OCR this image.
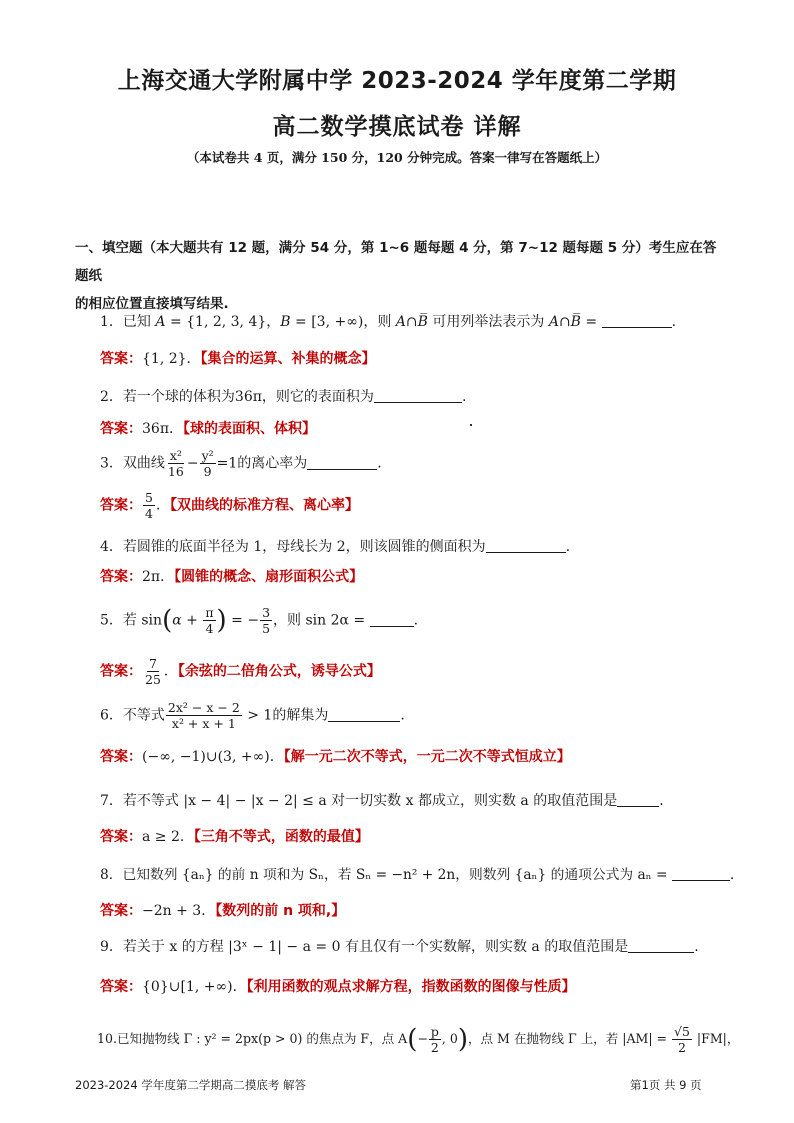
上海交通大学附属中学 2023-2024 学年度第二学期
高二数学摸底试卷 详解
（本试卷共 4 页，满分 150 分，120 分钟完成。答案一律写在答题纸上）
一、填空题（本大题共有 12 题，满分 54 分，第 1~6 题每题 4 分，第 7~12 题每题 5 分）考生应在答题纸
的相应位置直接填写结果.
1．已知 A = {1, 2, 3, 4}，B = [3, +∞)，则 A∩B̅ 可用列举法表示为 A∩B̅ =	.
答案：{1, 2}．【集合的运算、补集的概念】
2．若一个球的体积为36π，则它的表面积为	.
答案：36π．【球的表面积、体积】
3．双曲线 $\frac{\text{x²}}{16} - \frac{\text{y²}}{9} =1$的离心率为	.
答案： $\frac{5}{4}$ ．【双曲线的标准方程、离心率】
4．若圆锥的底面半径为 1，母线长为 2，则该圆锥的侧面积为	.
答案：2π．【圆锥的概念、扇形面积公式】
5．若 $\sin(\alpha + \frac{\pi}{4}$ ) = − $\frac{3}{5}$ ，则 sin 2α =	.
答案： $\frac{7}{25}$ ．【余弦的二倍角公式，诱导公式】
6．不等式 $\frac{\text{2x² − x − 2}}{\text{x² + x + 1}} > 1$的解集为	.
答案：(−∞, −1)∪(3, +∞)．【解一元二次不等式，一元二次不等式恒成立】
7．若不等式 |x − 4| − |x − 2| ≤ a 对一切实数 x 都成立，则实数 a 的取值范围是	.
答案：a ≥ 2．【三角不等式，函数的最值】
8．已知数列 {aₙ} 的前 n 项和为 Sₙ，若 Sₙ = −n² + 2n，则数列 {aₙ} 的通项公式为 aₙ =	.
答案：−2n + 3．【数列的前 n 项和,】
9．若关于 x 的方程 |3ˣ − 1| − a = 0 有且仅有一个实数解，则实数 a 的取值范围是	.
答案：{0}∪[1, +∞)．【利用函数的观点求解方程，指数函数的图像与性质】
10.已知抛物线 Γ : y² = 2px(p > 0) 的焦点为 F，点 $A(- \frac{p}{2}$ , 0)，点 M 在抛物线 Γ 上，若 $|AM| = \frac{√5}{2} |FM|$，
2023-2024 学年度第二学期高二摸底考 解答	第1页 共 9 页
